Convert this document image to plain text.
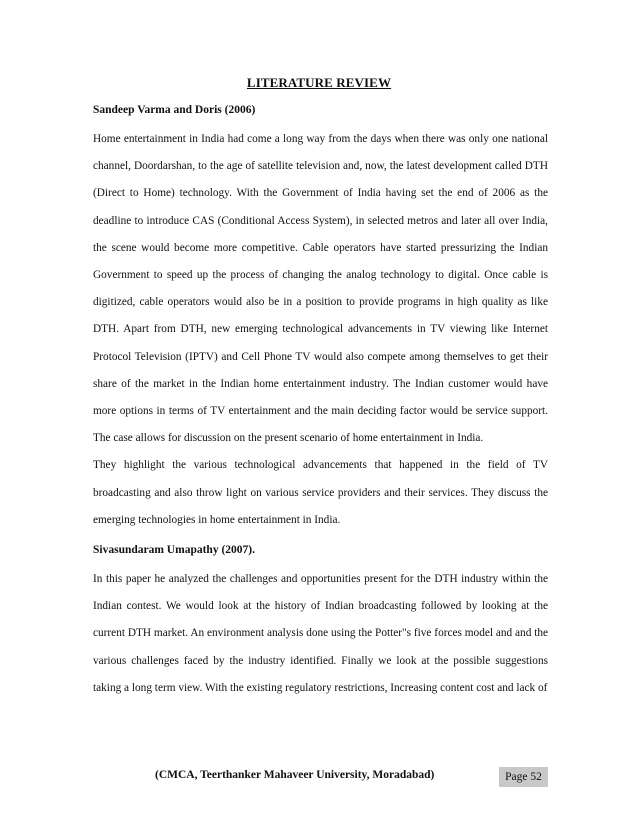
LITERATURE REVIEW
Sandeep Varma and Doris (2006)

Home entertainment in India had come a long way from the days when there was only one national channel, Doordarshan, to the age of satellite television and, now, the latest development called DTH (Direct to Home) technology. With the Government of India having set the end of 2006 as the deadline to introduce CAS (Conditional Access System), in selected metros and later all over India, the scene would become more competitive. Cable operators have started pressurizing the Indian Government to speed up the process of changing the analog technology to digital. Once cable is digitized, cable operators would also be in a position to provide programs in high quality as like DTH. Apart from DTH, new emerging technological advancements in TV viewing like Internet Protocol Television (IPTV) and Cell Phone TV would also compete among themselves to get their share of the market in the Indian home entertainment industry. The Indian customer would have more options in terms of TV entertainment and the main deciding factor would be service support. The case allows for discussion on the present scenario of home entertainment in India.

They highlight the various technological advancements that happened in the field of TV broadcasting and also throw light on various service providers and their services. They discuss the emerging technologies in home entertainment in India.

Sivasundaram Umapathy (2007).

In this paper he analyzed the challenges and opportunities present for the DTH industry within the Indian contest. We would look at the history of Indian broadcasting followed by looking at the current DTH market. An environment analysis done using the Potter"s five forces model and and the various challenges faced by the industry identified. Finally we look at the possible suggestions taking a long term view. With the existing regulatory restrictions, Increasing content cost and lack of

(CMCA, Teerthanker Mahaveer University, Moradabad)	Page 52
